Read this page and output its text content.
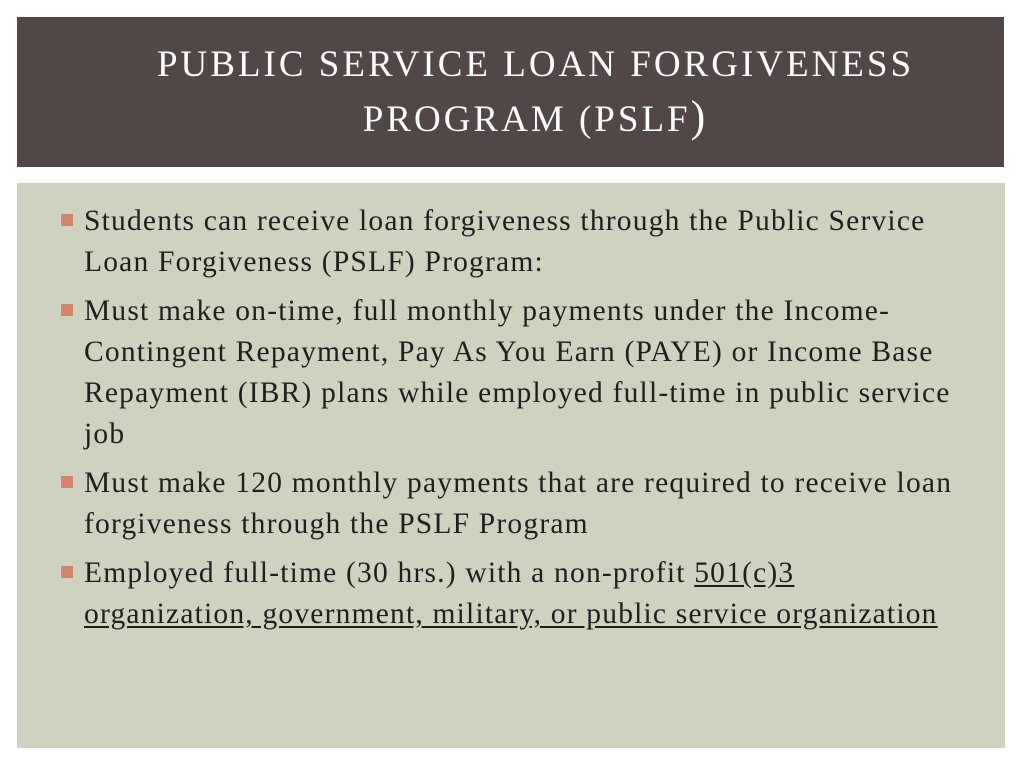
PUBLIC SERVICE LOAN FORGIVENESS
PROGRAM (PSLF)
Students can receive loan forgiveness through the Public Service Loan Forgiveness (PSLF) Program:
Must make on-time, full monthly payments under the Income-Contingent Repayment, Pay As You Earn (PAYE) or Income Base Repayment (IBR) plans while employed full-time in public service job
Must make 120 monthly payments that are required to receive loan forgiveness through the PSLF Program
Employed full-time (30 hrs.) with a non-profit 501(c)3 organization, government, military, or public service organization
